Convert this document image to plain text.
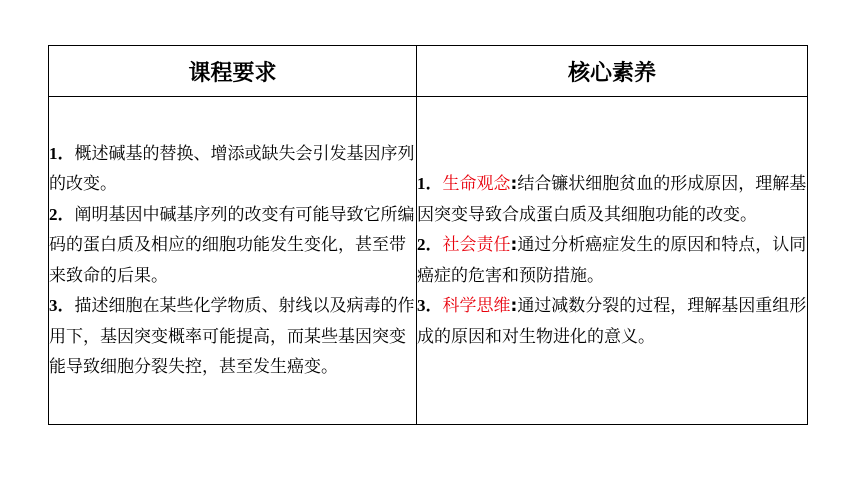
课程要求	核心素养

1．概述碱基的替换、增添或缺失会引发基因序列的改变。
2．阐明基因中碱基序列的改变有可能导致它所编码的蛋白质及相应的细胞功能发生变化，甚至带来致命的后果。
3．描述细胞在某些化学物质、射线以及病毒的作用下，基因突变概率可能提高，而某些基因突变能导致细胞分裂失控，甚至发生癌变。	1．生命观念:结合镰状细胞贫血的形成原因，理解基因突变导致合成蛋白质及其细胞功能的改变。
2．社会责任:通过分析癌症发生的原因和特点，认同癌症的危害和预防措施。
3．科学思维:通过减数分裂的过程，理解基因重组形成的原因和对生物进化的意义。
